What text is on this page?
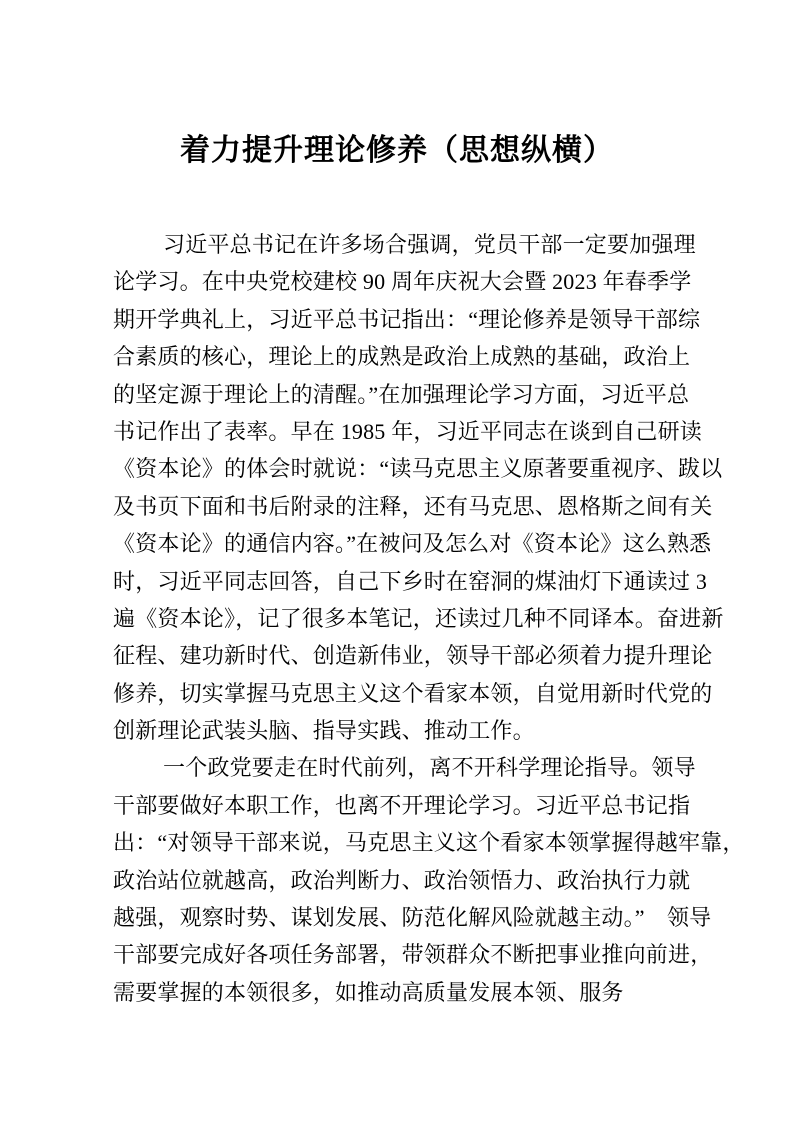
着力提升理论修养（思想纵横）
习近平总书记在许多场合强调，党员干部一定要加强理
论学习。在中央党校建校 90 周年庆祝大会暨 2023 年春季学
期开学典礼上，习近平总书记指出：“理论修养是领导干部综
合素质的核心，理论上的成熟是政治上成熟的基础，政治上
的坚定源于理论上的清醒。”在加强理论学习方面，习近平总
书记作出了表率。早在 1985 年，习近平同志在谈到自己研读
《资本论》的体会时就说：“读马克思主义原著要重视序、跋以
及书页下面和书后附录的注释，还有马克思、恩格斯之间有关
《资本论》的通信内容。”在被问及怎么对《资本论》这么熟悉
时，习近平同志回答，自己下乡时在窑洞的煤油灯下通读过 3
遍《资本论》，记了很多本笔记，还读过几种不同译本。奋进新
征程、建功新时代、创造新伟业，领导干部必须着力提升理论
修养，切实掌握马克思主义这个看家本领，自觉用新时代党的
创新理论武装头脑、指导实践、推动工作。
一个政党要走在时代前列，离不开科学理论指导。领导
干部要做好本职工作，也离不开理论学习。习近平总书记指
出：“对领导干部来说，马克思主义这个看家本领掌握得越牢靠，
政治站位就越高，政治判断力、政治领悟力、政治执行力就
越强，观察时势、谋划发展、防范化解风险就越主动。”　领导
干部要完成好各项任务部署，带领群众不断把事业推向前进，
需要掌握的本领很多，如推动高质量发展本领、服务
